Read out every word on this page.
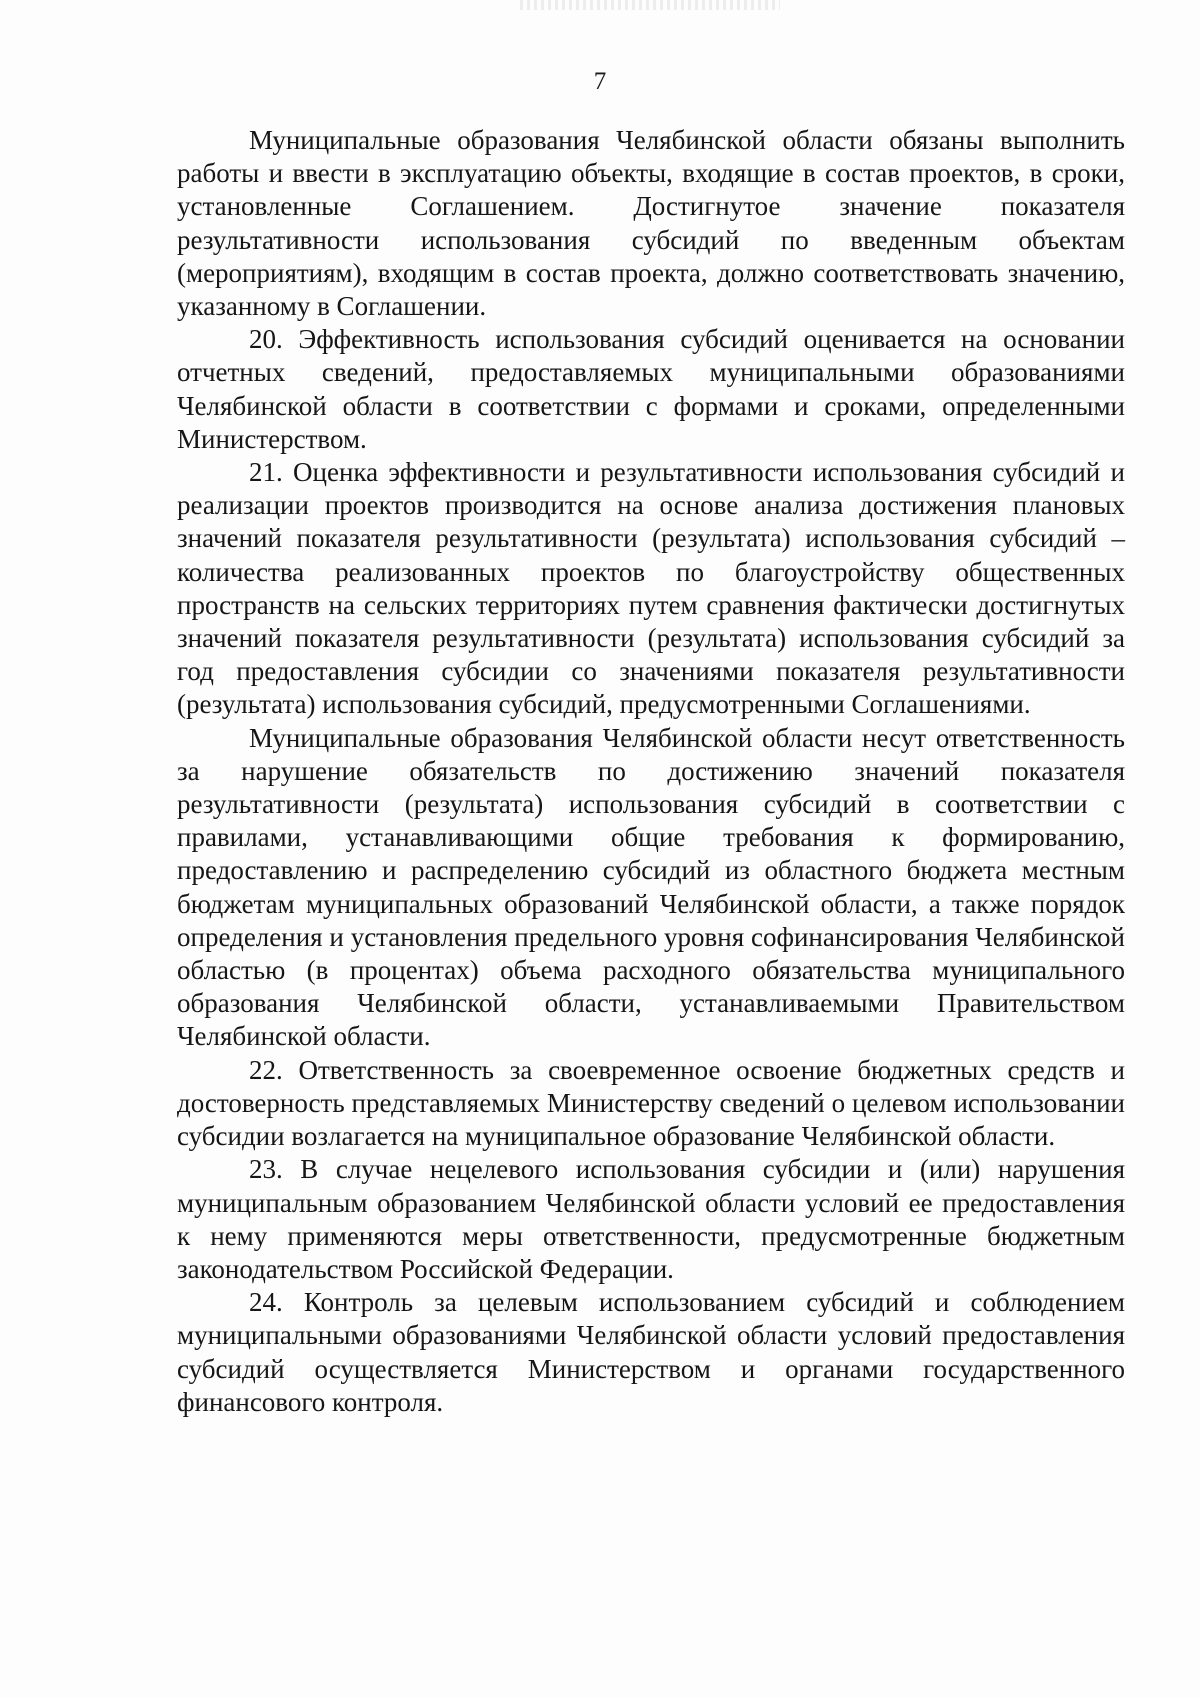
7

Муниципальные образования Челябинской области обязаны выполнить работы и ввести в эксплуатацию объекты, входящие в состав проектов, в сроки, установленные Соглашением. Достигнутое значение показателя результативности использования субсидий по введенным объектам (мероприятиям), входящим в состав проекта, должно соответствовать значению, указанному в Соглашении.

20. Эффективность использования субсидий оценивается на основании отчетных сведений, предоставляемых муниципальными образованиями Челябинской области в соответствии с формами и сроками, определенными Министерством.

21. Оценка эффективности и результативности использования субсидий и реализации проектов производится на основе анализа достижения плановых значений показателя результативности (результата) использования субсидий – количества реализованных проектов по благоустройству общественных пространств на сельских территориях путем сравнения фактически достигнутых значений показателя результативности (результата) использования субсидий за год предоставления субсидии со значениями показателя результативности (результата) использования субсидий, предусмотренными Соглашениями.

Муниципальные образования Челябинской области несут ответственность за нарушение обязательств по достижению значений показателя результативности (результата) использования субсидий в соответствии с правилами, устанавливающими общие требования к формированию, предоставлению и распределению субсидий из областного бюджета местным бюджетам муниципальных образований Челябинской области, а также порядок определения и установления предельного уровня софинансирования Челябинской областью (в процентах) объема расходного обязательства муниципального образования Челябинской области, устанавливаемыми Правительством Челябинской области.

22. Ответственность за своевременное освоение бюджетных средств и достоверность представляемых Министерству сведений о целевом использовании субсидии возлагается на муниципальное образование Челябинской области.

23. В случае нецелевого использования субсидии и (или) нарушения муниципальным образованием Челябинской области условий ее предоставления к нему применяются меры ответственности, предусмотренные бюджетным законодательством Российской Федерации.

24. Контроль за целевым использованием субсидий и соблюдением муниципальными образованиями Челябинской области условий предоставления субсидий осуществляется Министерством и органами государственного финансового контроля.
